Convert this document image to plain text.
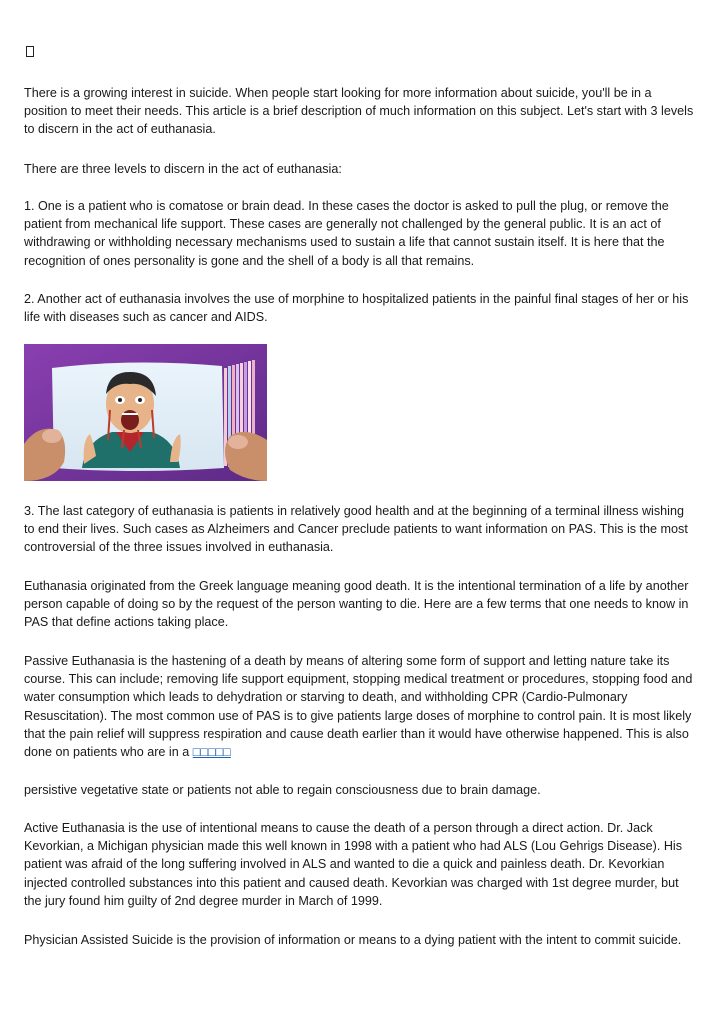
There is a growing interest in suicide. When people start looking for more information about suicide, you'll be in a position to meet their needs. This article is a brief description of much information on this subject. Let's start with 3 levels to discern in the act of euthanasia.

There are three levels to discern in the act of euthanasia:

1. One is a patient who is comatose or brain dead. In these cases the doctor is asked to pull the plug, or remove the patient from mechanical life support. These cases are generally not challenged by the general public. It is an act of withdrawing or withholding necessary mechanisms used to sustain a life that cannot sustain itself. It is here that the recognition of ones personality is gone and the shell of a body is all that remains.

2. Another act of euthanasia involves the use of morphine to hospitalized patients in the painful final stages of her or his life with diseases such as cancer and AIDS.

3. The last category of euthanasia is patients in relatively good health and at the beginning of a terminal illness wishing to end their lives. Such cases as Alzheimers and Cancer preclude patients to want information on PAS. This is the most controversial of the three issues involved in euthanasia.

Euthanasia originated from the Greek language meaning good death. It is the intentional termination of a life by another person capable of doing so by the request of the person wanting to die. Here are a few terms that one needs to know in PAS that define actions taking place.

Passive Euthanasia is the hastening of a death by means of altering some form of support and letting nature take its course. This can include; removing life support equipment, stopping medical treatment or procedures, stopping food and water consumption which leads to dehydration or starving to death, and withholding CPR (Cardio-Pulmonary Resuscitation). The most common use of PAS is to give patients large doses of morphine to control pain. It is most likely that the pain relief will suppress respiration and cause death earlier than it would have otherwise happened. This is also done on patients who are in a □□□□□

persistive vegetative state or patients not able to regain consciousness due to brain damage.

Active Euthanasia is the use of intentional means to cause the death of a person through a direct action. Dr. Jack Kevorkian, a Michigan physician made this well known in 1998 with a patient who had ALS (Lou Gehrigs Disease). His patient was afraid of the long suffering involved in ALS and wanted to die a quick and painless death. Dr. Kevorkian injected controlled substances into this patient and caused death. Kevorkian was charged with 1st degree murder, but the jury found him guilty of 2nd degree murder in March of 1999.

Physician Assisted Suicide is the provision of information or means to a dying patient with the intent to commit suicide.
